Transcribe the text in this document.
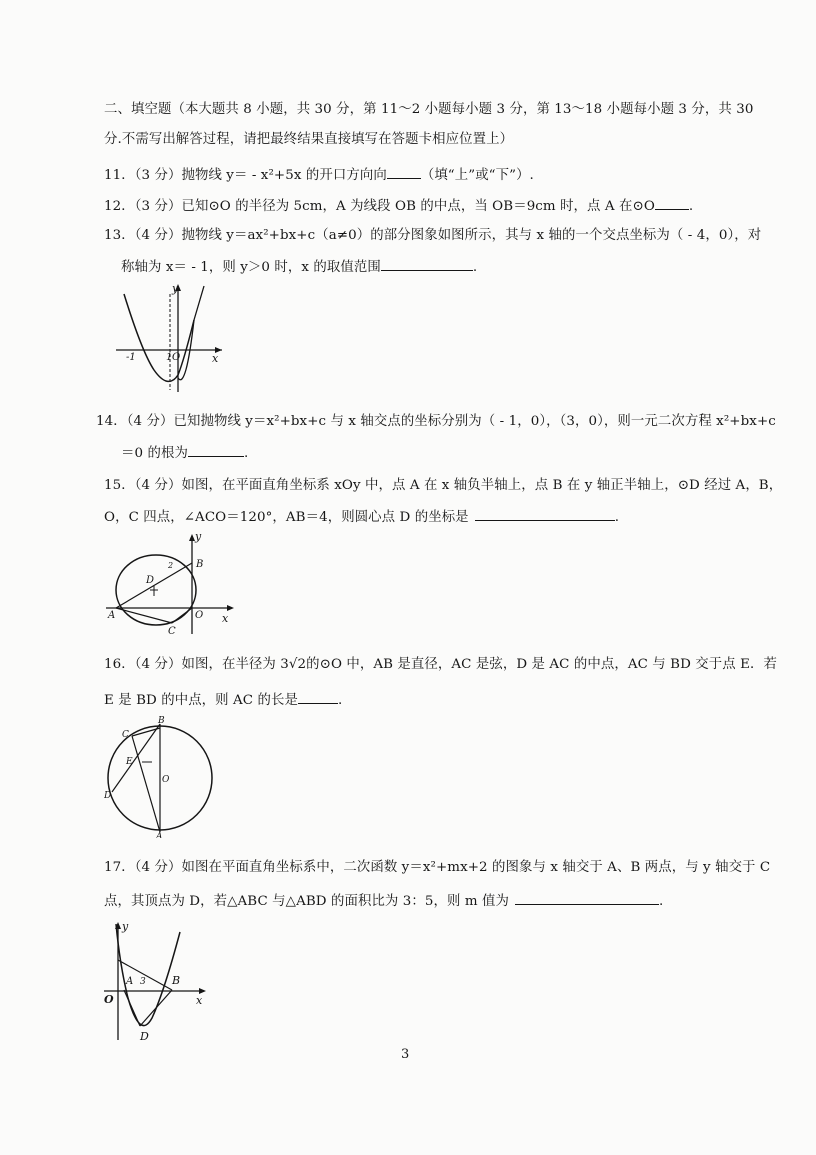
二、填空题（本大题共 8 小题，共 30 分，第 11～2 小题每小题 3 分，第 13～18 小题每小题 3 分，共 30
分.不需写出解答过程，请把最终结果直接填写在答题卡相应位置上）
11．（3 分）抛物线 y＝ - x²+5x 的开口方向向	（填“上”或“下”）.
12．（3 分）已知⊙O 的半径为 5cm，A 为线段 OB 的中点，当 OB＝9cm 时，点 A 在⊙O	.
13．（4 分）抛物线 y＝ax²+bx+c（a≠0）的部分图象如图所示，其与 x 轴的一个交点坐标为（ - 4，0），对
称轴为 x＝ - 1，则 y＞0 时，x 的取值范围	.
y
x
-1	1 O
14．（4 分）已知抛物线 y＝x²+bx+c 与 x 轴交点的坐标分别为（ - 1，0），（3，0），则一元二次方程 x²+bx+c
＝0 的根为	.
15．（4 分）如图，在平面直角坐标系 xOy 中，点 A 在 x 轴负半轴上，点 B 在 y 轴正半轴上，⊙D 经过 A，B，
O，C 四点，∠ACO＝120°，AB＝4，则圆心点 D 的坐标是	.
y
B
D
A	O
C
x
2
16．（4 分）如图，在半径为 3√2的⊙O 中，AB 是直径，AC 是弦，D 是 AC 的中点，AC 与 BD 交于点 E．若
E 是 BD 的中点，则 AC 的长是	.
B
C
E
O
D
A
17．（4 分）如图在平面直角坐标系中，二次函数 y＝x²+mx+2 的图象与 x 轴交于 A、B 两点，与 y 轴交于 C
点，其顶点为 D，若△ABC 与△ABD 的面积比为 3：5，则 m 值为	.
y
A 3 B
O	x
D
3
